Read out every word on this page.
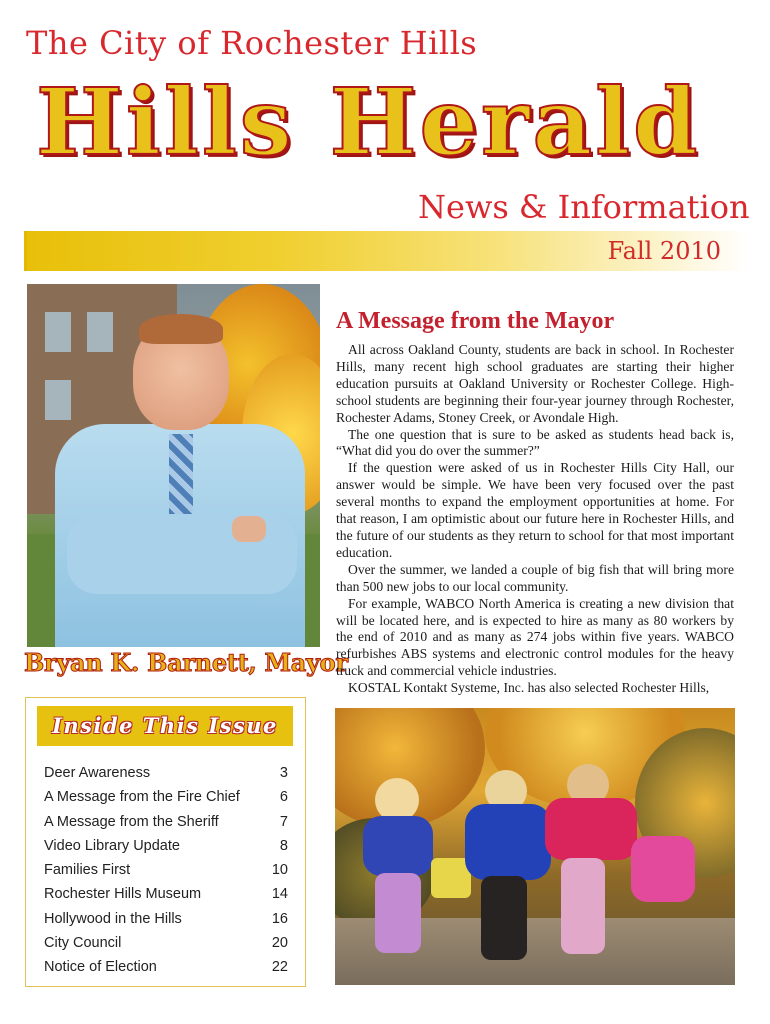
The City of Rochester Hills
Hills Herald
News & Information
Fall 2010
Bryan K. Barnett, Mayor
Inside This Issue
Deer Awareness	3
A Message from the Fire Chief	6
A Message from the Sheriff	7
Video Library Update	8
Families First	10
Rochester Hills Museum	14
Hollywood in the Hills	16
City Council	20
Notice of Election	22
A Message from the Mayor

All across Oakland County, students are back in school. In Rochester Hills, many recent high school graduates are starting their higher education pursuits at Oakland University or Rochester College. High-school students are beginning their four-year journey through Rochester, Rochester Adams, Stoney Creek, or Avondale High.

The one question that is sure to be asked as students head back is, “What did you do over the summer?”

If the question were asked of us in Rochester Hills City Hall, our answer would be simple. We have been very focused over the past several months to expand the employment opportunities at home. For that reason, I am optimistic about our future here in Rochester Hills, and the future of our students as they return to school for that most important education.

Over the summer, we landed a couple of big fish that will bring more than 500 new jobs to our local community.

For example, WABCO North America is creating a new division that will be located here, and is expected to hire as many as 80 workers by the end of 2010 and as many as 274 jobs within five years. WABCO refurbishes ABS systems and electronic control modules for the heavy truck and commercial vehicle industries.

KOSTAL Kontakt Systeme, Inc. has also selected Rochester Hills,
